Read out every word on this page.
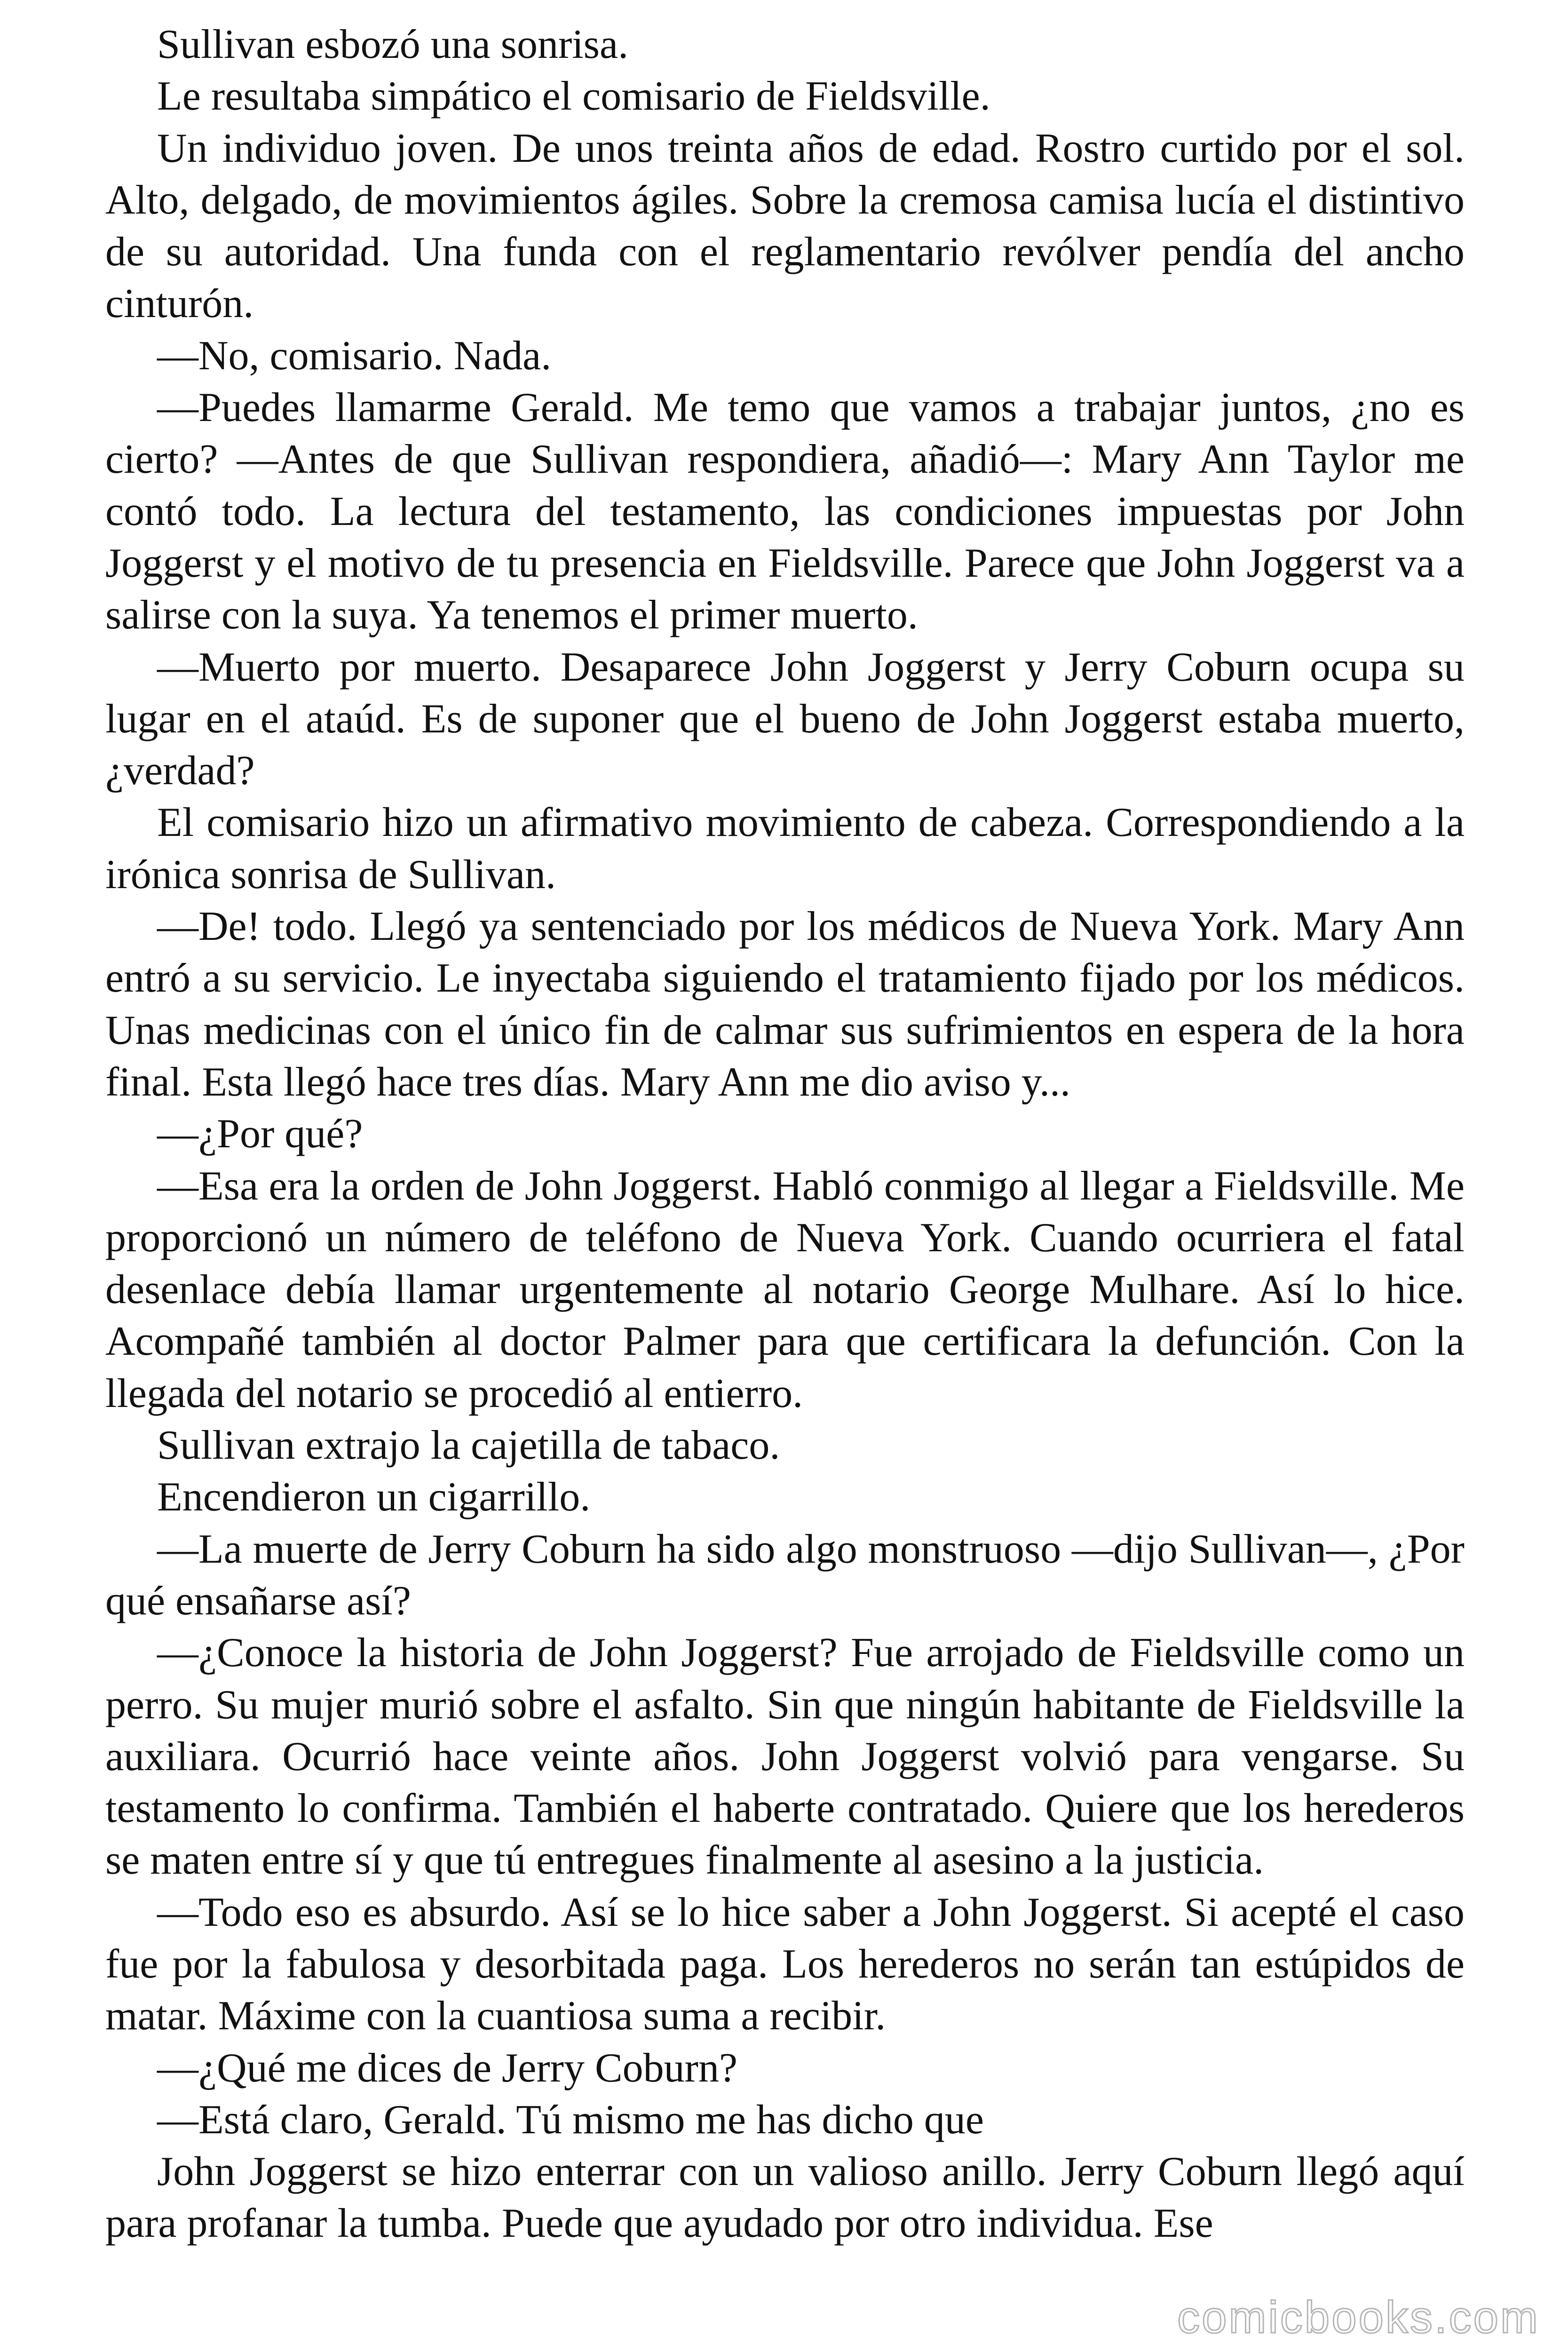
Sullivan esbozó una sonrisa.

Le resultaba simpático el comisario de Fieldsville.

Un individuo joven. De unos treinta años de edad. Rostro curtido por el sol. Alto, delgado, de movimientos ágiles. Sobre la cremosa camisa lucía el distintivo de su autoridad. Una funda con el reglamentario revólver pendía del ancho cinturón.

—No, comisario. Nada.

—Puedes llamarme Gerald. Me temo que vamos a trabajar juntos, ¿no es cierto? —Antes de que Sullivan respondiera, añadió—: Mary Ann Taylor me contó todo. La lectura del testamento, las condiciones impuestas por John Joggerst y el motivo de tu presencia en Fieldsville. Parece que John Joggerst va a salirse con la suya. Ya tenemos el primer muerto.

—Muerto por muerto. Desaparece John Joggerst y Jerry Coburn ocupa su lugar en el ataúd. Es de suponer que el bueno de John Joggerst estaba muerto, ¿verdad?

El comisario hizo un afirmativo movimiento de cabeza. Correspondiendo a la irónica sonrisa de Sullivan.

—De! todo. Llegó ya sentenciado por los médicos de Nueva York. Mary Ann entró a su servicio. Le inyectaba siguiendo el tratamiento fijado por los médicos. Unas medicinas con el único fin de calmar sus sufrimientos en espera de la hora final. Esta llegó hace tres días. Mary Ann me dio aviso y...

—¿Por qué?

—Esa era la orden de John Joggerst. Habló conmigo al llegar a Fieldsville. Me proporcionó un número de teléfono de Nueva York. Cuando ocurriera el fatal desenlace debía llamar urgentemente al notario George Mulhare. Así lo hice. Acompañé también al doctor Palmer para que certificara la defunción. Con la llegada del notario se procedió al entierro.

Sullivan extrajo la cajetilla de tabaco.

Encendieron un cigarrillo.

—La muerte de Jerry Coburn ha sido algo monstruoso —dijo Sullivan—, ¿Por qué ensañarse así?

—¿Conoce la historia de John Joggerst? Fue arrojado de Fieldsville como un perro. Su mujer murió sobre el asfalto. Sin que ningún habitante de Fieldsville la auxiliara. Ocurrió hace veinte años. John Joggerst volvió para vengarse. Su testamento lo confirma. También el haberte contratado. Quiere que los herederos se maten entre sí y que tú entregues finalmente al asesino a la justicia.

—Todo eso es absurdo. Así se lo hice saber a John Joggerst. Si acepté el caso fue por la fabulosa y desorbitada paga. Los herederos no serán tan estúpidos de matar. Máxime con la cuantiosa suma a recibir.

—¿Qué me dices de Jerry Coburn?

—Está claro, Gerald. Tú mismo me has dicho que

John Joggerst se hizo enterrar con un valioso anillo. Jerry Coburn llegó aquí para profanar la tumba. Puede que ayudado por otro individua. Ese

comicbooks.com
